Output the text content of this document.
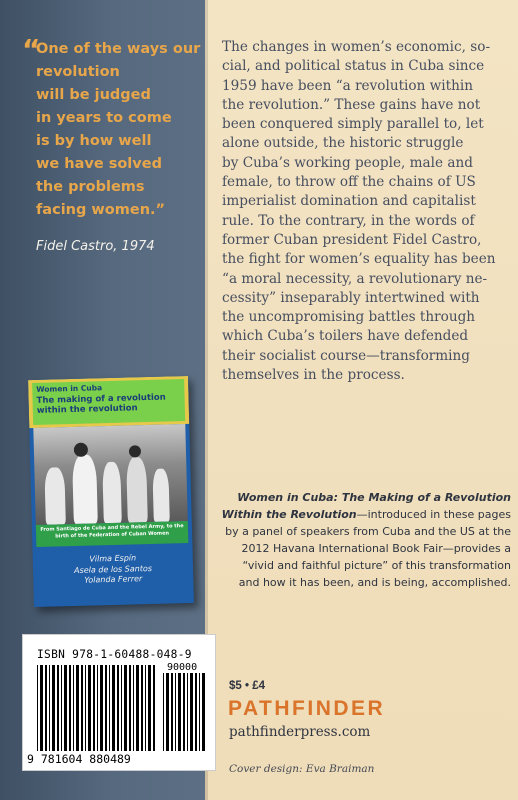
“
One of the ways our
revolution
will be judged
in years to come
is by how well
we have solved
the problems
facing women.”
Fidel Castro, 1974
The changes in women’s economic, so-
cial, and political status in Cuba since
1959 have been “a revolution within
the revolution.” These gains have not
been conquered simply parallel to, let
alone outside, the historic struggle
by Cuba’s working people, male and
female, to throw off the chains of US
imperialist domination and capitalist
rule. To the contrary, in the words of
former Cuban president Fidel Castro,
the fight for women’s equality has been
“a moral necessity, a revolutionary ne-
cessity” inseparably intertwined with
the uncompromising battles through
which Cuba’s toilers have defended
their socialist course—transforming
themselves in the process.
Women in Cuba
The making of a revolution
within the revolution
From Santiago de Cuba and the Rebel Army, to the birth of the Federation of Cuban Women
Vilma Espín
Asela de los Santos
Yolanda Ferrer
Women in Cuba: The Making of a Revolution
Within the Revolution—introduced in these pages
by a panel of speakers from Cuba and the US at the
2012 Havana International Book Fair—provides a
“vivid and faithful picture” of this transformation
and how it has been, and is being, accomplished.
ISBN 978-1-60488-048-9
90000
9 781604 880489
$5 • £4
PATHFINDER
pathfinderpress.com
Cover design: Eva Braiman
